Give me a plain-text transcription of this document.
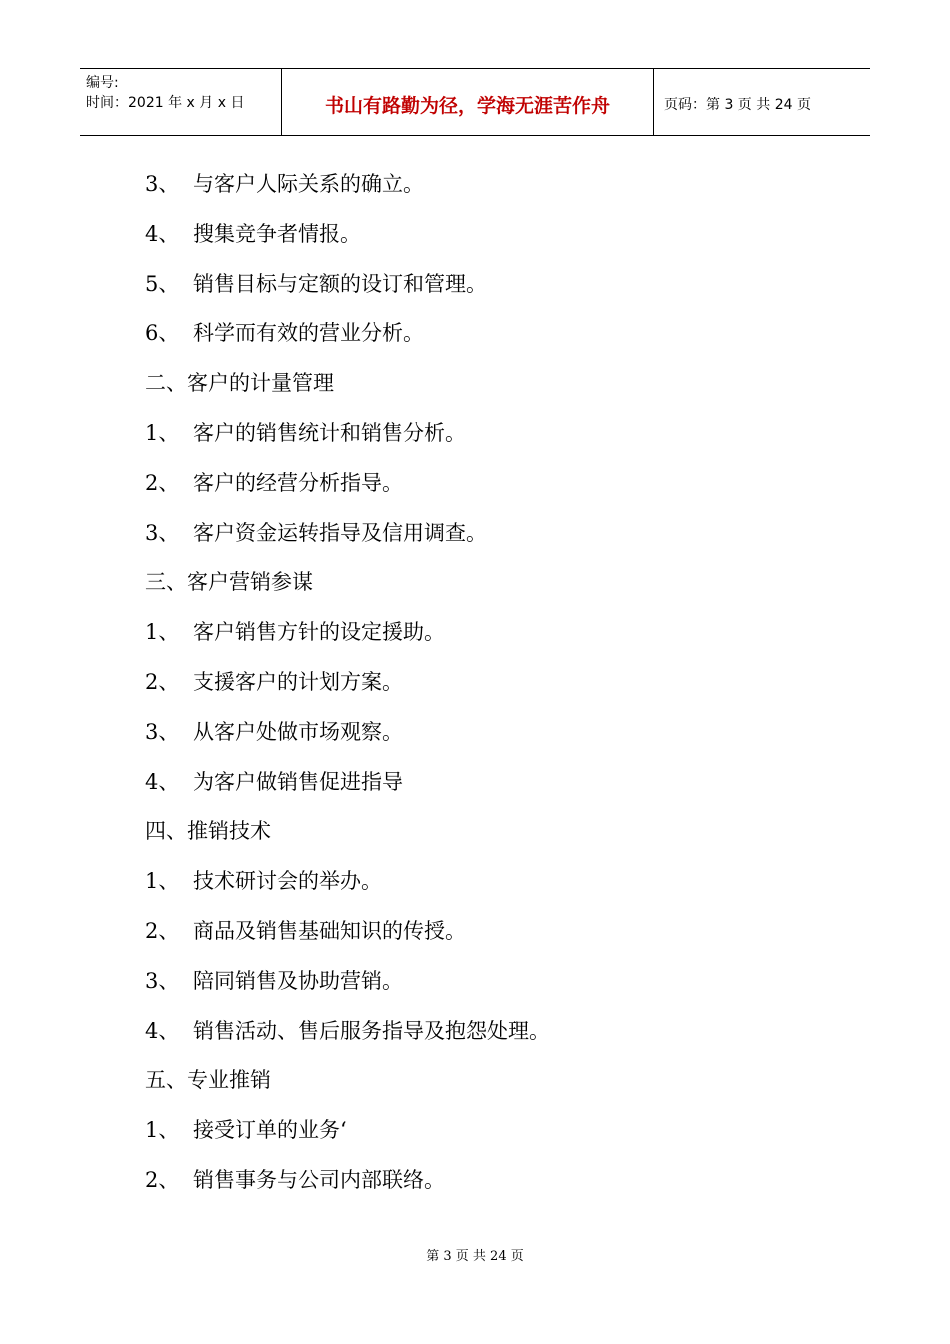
编号:
时间：2021 年 x 月 x 日	书山有路勤为径，学海无涯苦作舟	页码：第 3 页 共 24 页
3、 与客户人际关系的确立。
4、 搜集竞争者情报。
5、 销售目标与定额的设订和管理。
6、 科学而有效的营业分析。
二、客户的计量管理
1、 客户的销售统计和销售分析。
2、 客户的经营分析指导。
3、 客户资金运转指导及信用调查。
三、客户营销参谋
1、 客户销售方针的设定援助。
2、 支援客户的计划方案。
3、 从客户处做市场观察。
4、 为客户做销售促进指导
四、推销技术
1、 技术研讨会的举办。
2、 商品及销售基础知识的传授。
3、 陪同销售及协助营销。
4、 销售活动、售后服务指导及抱怨处理。
五、专业推销
1、 接受订单的业务‘
2、 销售事务与公司内部联络。
第 3 页 共 24 页
